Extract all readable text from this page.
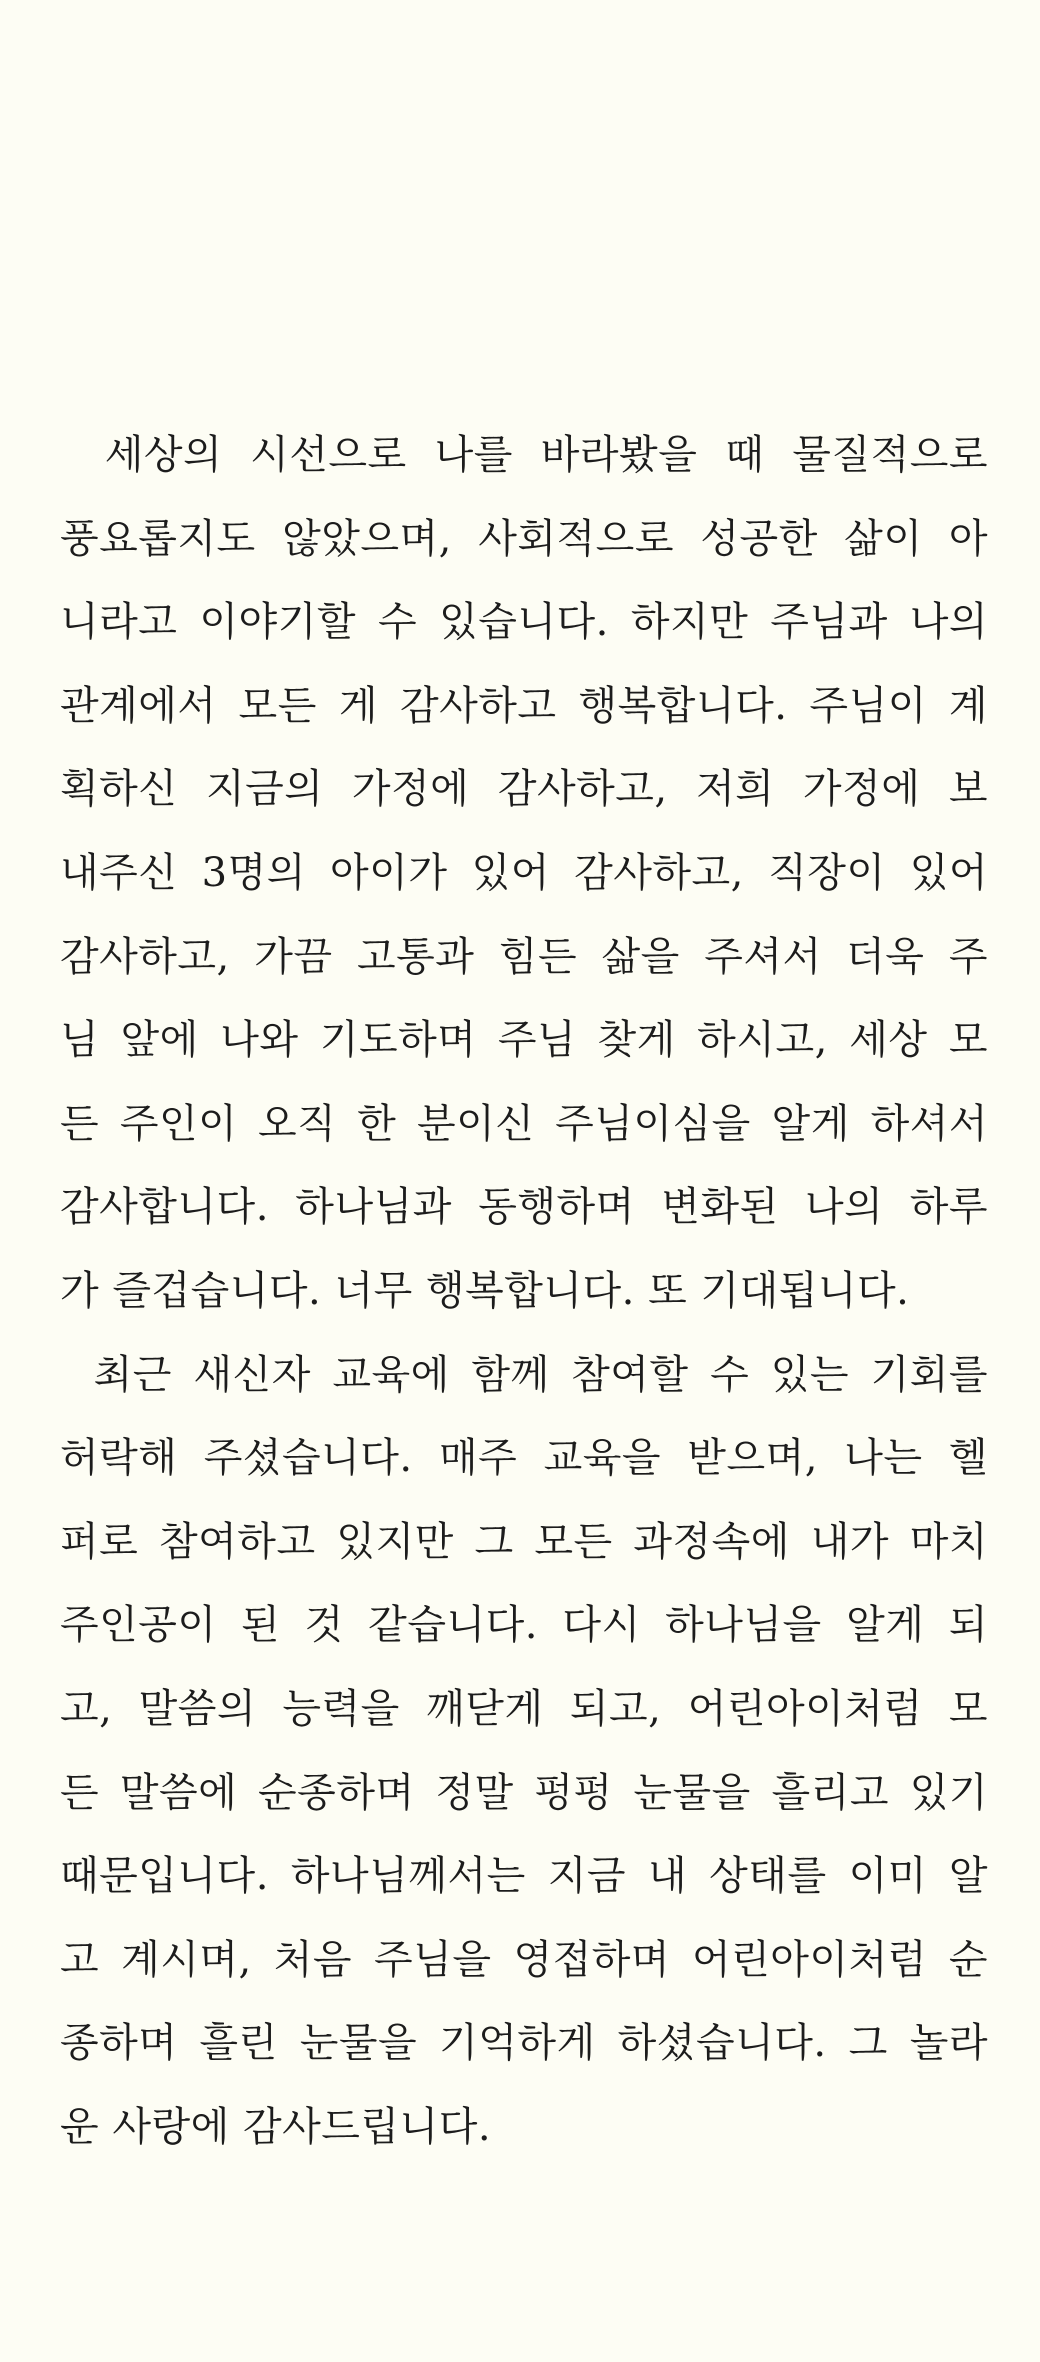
세상의 시선으로 나를 바라봤을 때 물질적으로
풍요롭지도 않았으며, 사회적으로 성공한 삶이 아
니라고 이야기할 수 있습니다. 하지만 주님과 나의
관계에서 모든 게 감사하고 행복합니다. 주님이 계
획하신 지금의 가정에 감사하고, 저희 가정에 보
내주신 3명의 아이가 있어 감사하고, 직장이 있어
감사하고, 가끔 고통과 힘든 삶을 주셔서 더욱 주
님 앞에 나와 기도하며 주님 찾게 하시고, 세상 모
든 주인이 오직 한 분이신 주님이심을 알게 하셔서
감사합니다. 하나님과 동행하며 변화된 나의 하루
가 즐겁습니다. 너무 행복합니다. 또 기대됩니다.
최근 새신자 교육에 함께 참여할 수 있는 기회를
허락해 주셨습니다. 매주 교육을 받으며, 나는 헬
퍼로 참여하고 있지만 그 모든 과정속에 내가 마치
주인공이 된 것 같습니다. 다시 하나님을 알게 되
고, 말씀의 능력을 깨닫게 되고, 어린아이처럼 모
든 말씀에 순종하며 정말 펑펑 눈물을 흘리고 있기
때문입니다. 하나님께서는 지금 내 상태를 이미 알
고 계시며, 처음 주님을 영접하며 어린아이처럼 순
종하며 흘린 눈물을 기억하게 하셨습니다. 그 놀라
운 사랑에 감사드립니다.
